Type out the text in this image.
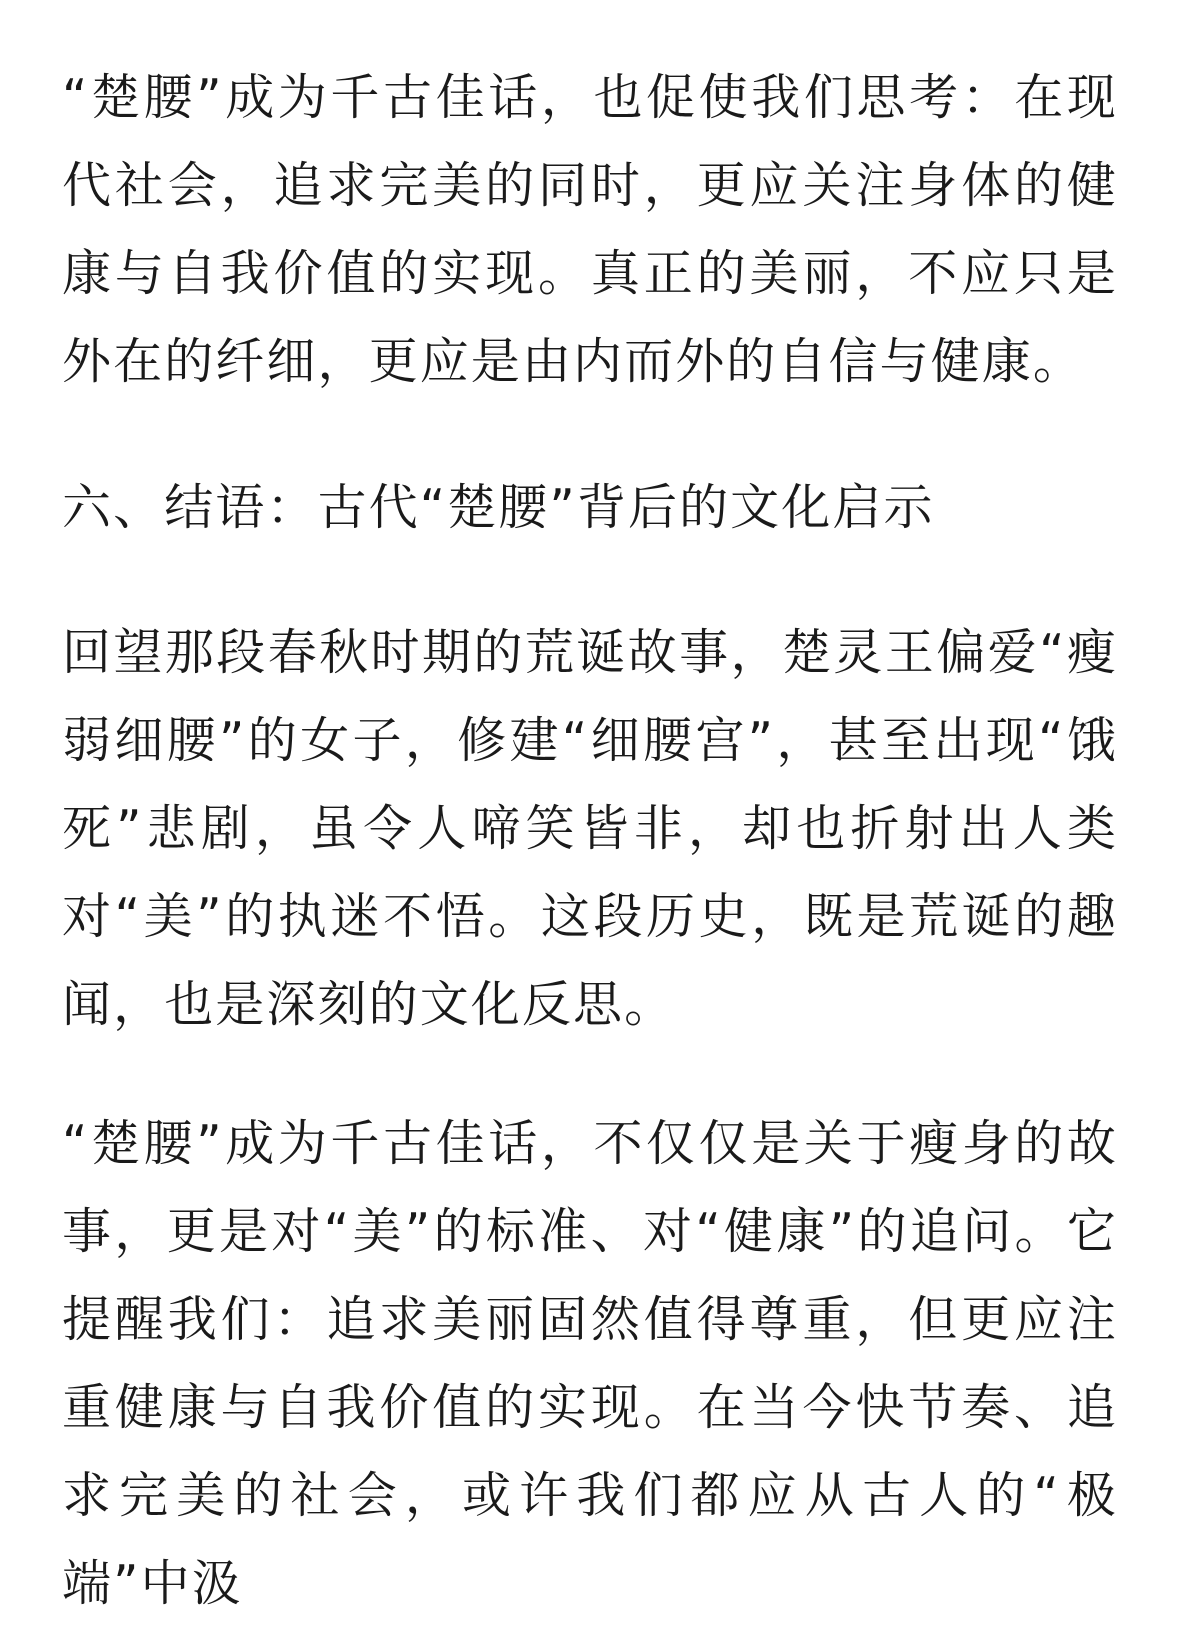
“楚腰”成为千古佳话，也促使我们思考：在现代社会，追求完美的同时，更应关注身体的健康与自我价值的实现。真正的美丽，不应只是外在的纤细，更应是由内而外的自信与健康。

六、结语：古代“楚腰”背后的文化启示

回望那段春秋时期的荒诞故事，楚灵王偏爱“瘦弱细腰”的女子，修建“细腰宫”，甚至出现“饿死”悲剧，虽令人啼笑皆非，却也折射出人类对“美”的执迷不悟。这段历史，既是荒诞的趣闻，也是深刻的文化反思。

“楚腰”成为千古佳话，不仅仅是关于瘦身的故事，更是对“美”的标准、对“健康”的追问。它提醒我们：追求美丽固然值得尊重，但更应注重健康与自我价值的实现。在当今快节奏、追求完美的社会，或许我们都应从古人的“极端”中汲
